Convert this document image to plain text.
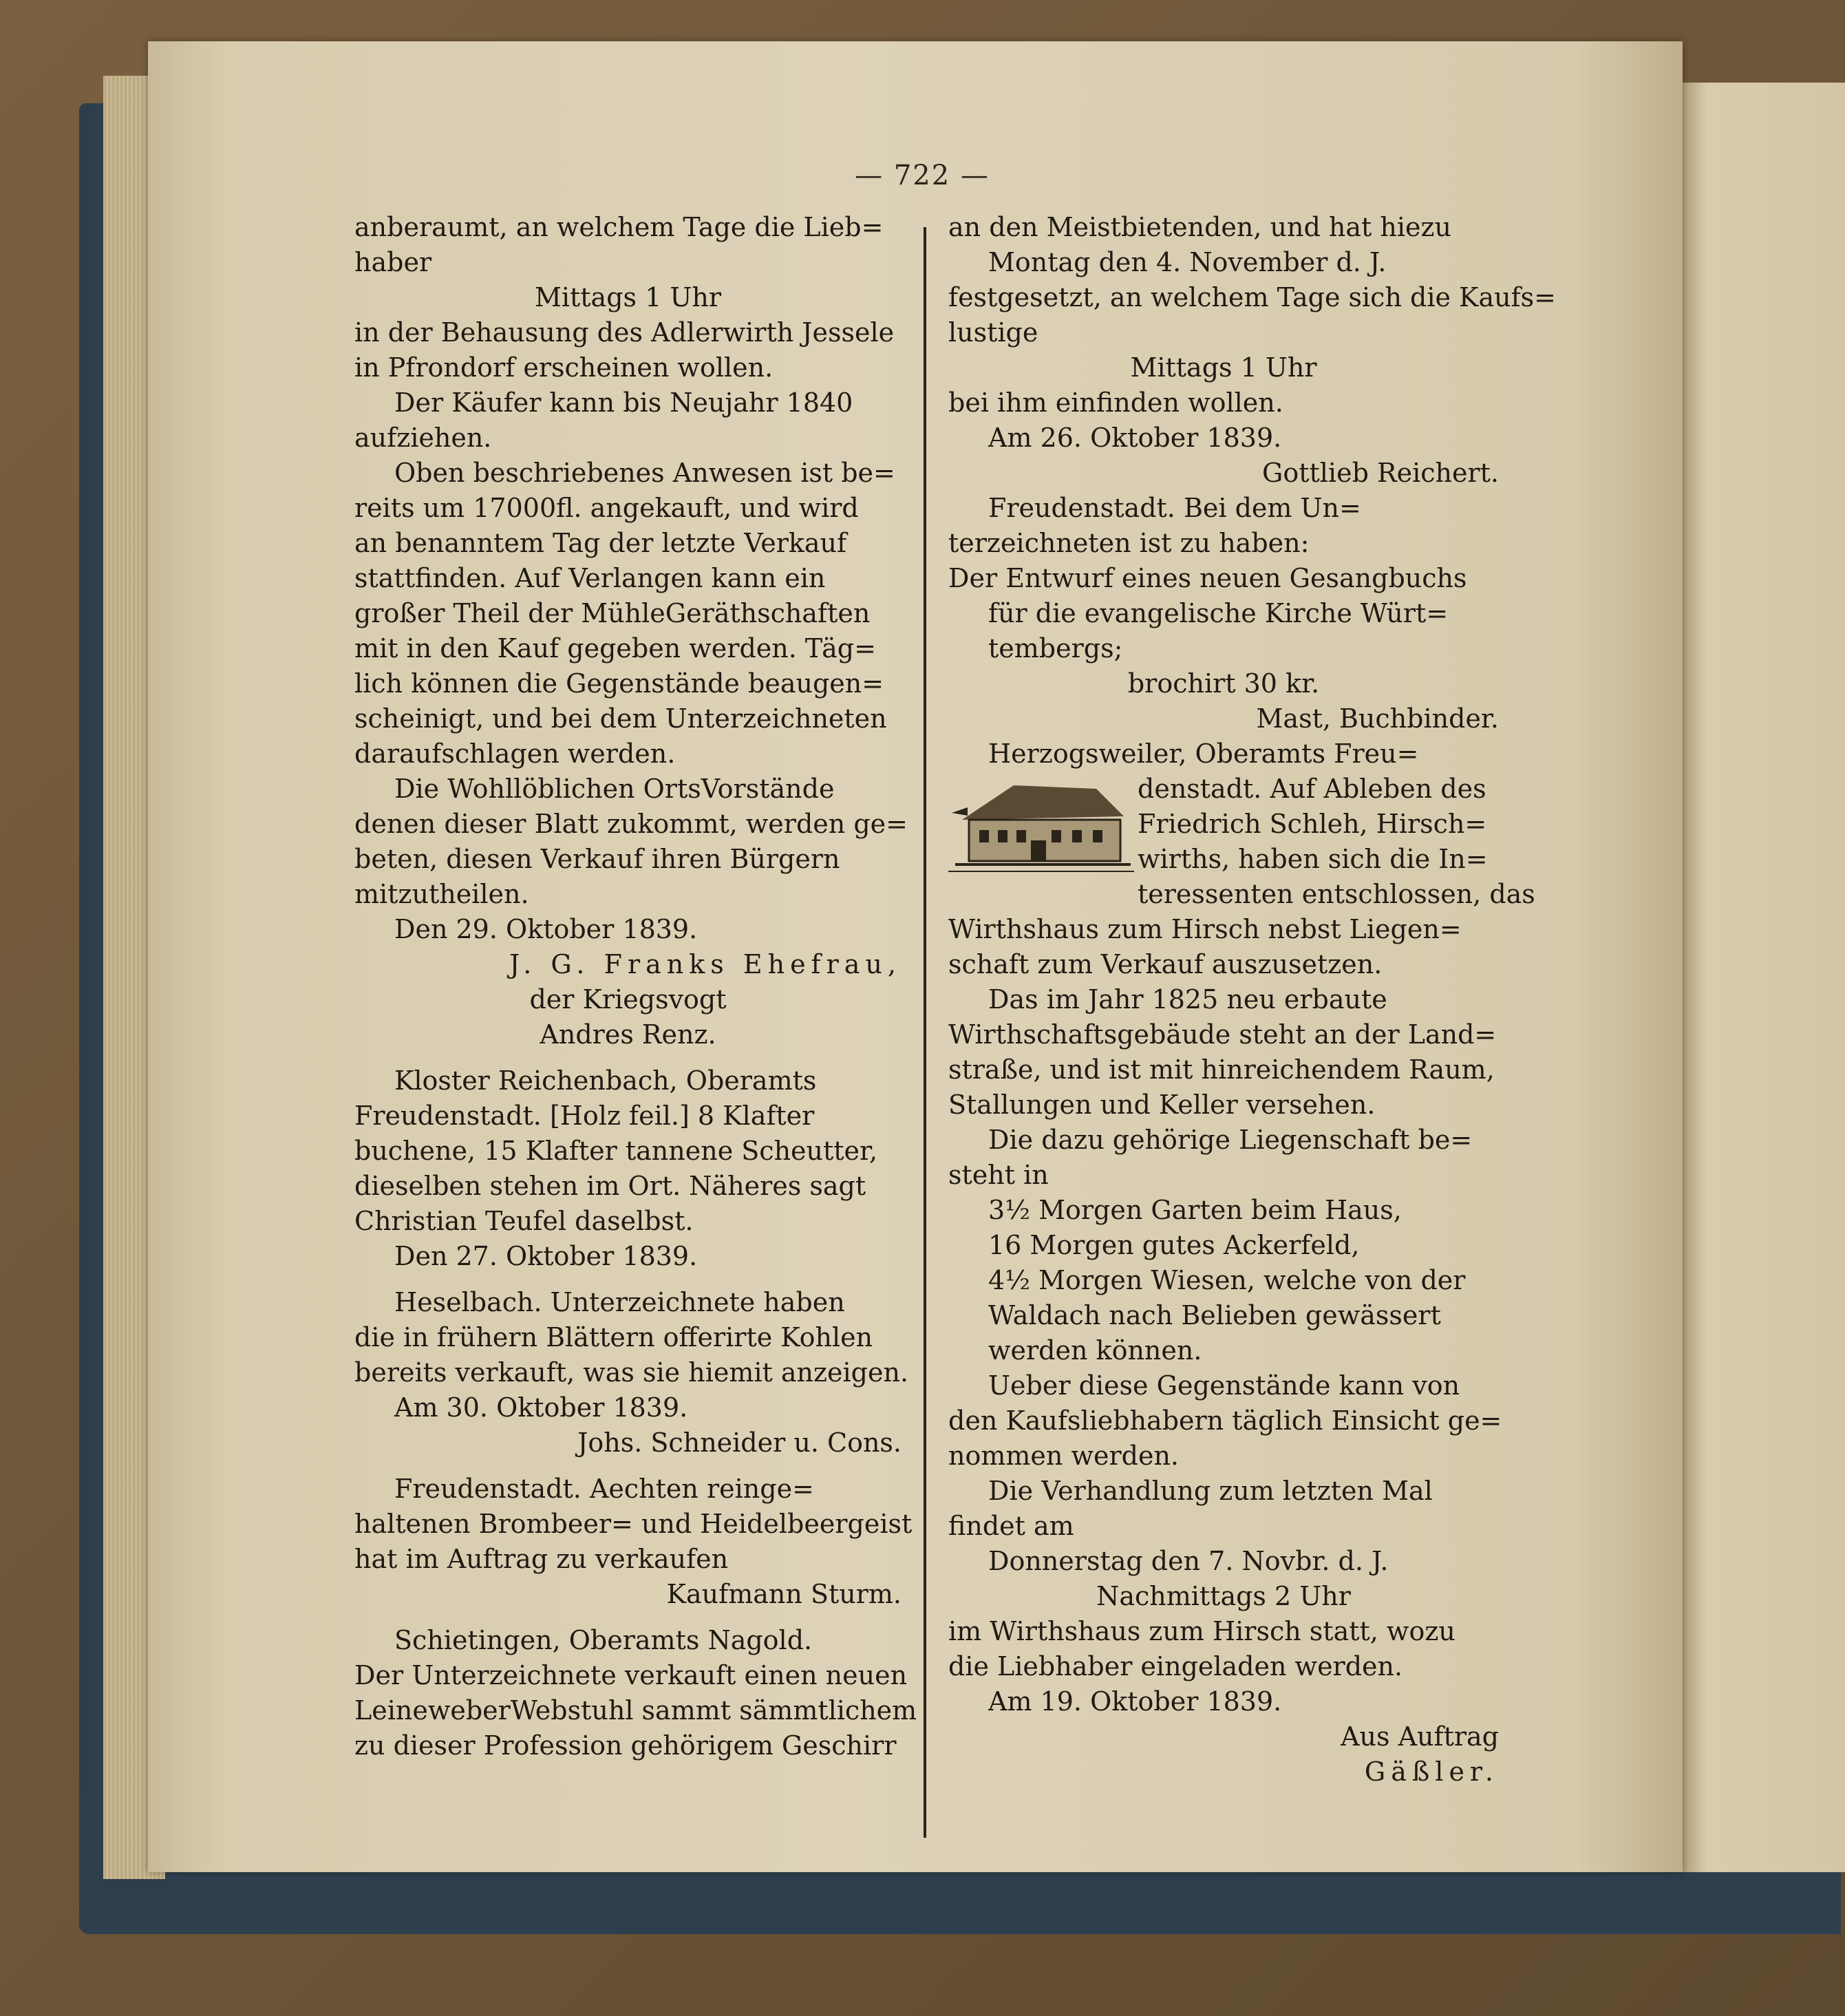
— 722 —
anberaumt, an welchem Tage die Lieb=
haber
Mittags 1 Uhr
in der Behausung des Adlerwirth Jessele
in Pfrondorf erscheinen wollen.
Der Käufer kann bis Neujahr 1840
aufziehen.
Oben beschriebenes Anwesen ist be=
reits um 17000fl. angekauft, und wird
an benanntem Tag der letzte Verkauf
stattfinden. Auf Verlangen kann ein
großer Theil der MühleGeräthschaften
mit in den Kauf gegeben werden. Täg=
lich können die Gegenstände beaugen=
scheinigt, und bei dem Unterzeichneten
daraufschlagen werden.
Die Wohllöblichen OrtsVorstände
denen dieser Blatt zukommt, werden ge=
beten, diesen Verkauf ihren Bürgern
mitzutheilen.
Den 29. Oktober 1839.
J. G. Franks Ehefrau,
der Kriegsvogt
Andres Renz.
Kloster Reichenbach, Oberamts
Freudenstadt. [Holz feil.] 8 Klafter
buchene, 15 Klafter tannene Scheutter,
dieselben stehen im Ort. Näheres sagt
Christian Teufel daselbst.
Den 27. Oktober 1839.
Heselbach. Unterzeichnete haben
die in frühern Blättern offerirte Kohlen
bereits verkauft, was sie hiemit anzeigen.
Am 30. Oktober 1839.
Johs. Schneider u. Cons.
Freudenstadt. Aechten reinge=
haltenen Brombeer= und Heidelbeergeist
hat im Auftrag zu verkaufen
Kaufmann Sturm.
Schietingen, Oberamts Nagold.
Der Unterzeichnete verkauft einen neuen
LeineweberWebstuhl sammt sämmtlichem
zu dieser Profession gehörigem Geschirr
an den Meistbietenden, und hat hiezu
Montag den 4. November d. J.
festgesetzt, an welchem Tage sich die Kaufs=
lustige
Mittags 1 Uhr
bei ihm einfinden wollen.
Am 26. Oktober 1839.
Gottlieb Reichert.
Freudenstadt. Bei dem Un=
terzeichneten ist zu haben:
Der Entwurf eines neuen Gesangbuchs
für die evangelische Kirche Würt=
tembergs;
brochirt 30 kr.
Mast, Buchbinder.
Herzogsweiler, Oberamts Freu=
denstadt. Auf Ableben des
Friedrich Schleh, Hirsch=
wirths, haben sich die In=
teressenten entschlossen, das
Wirthshaus zum Hirsch nebst Liegen=
schaft zum Verkauf auszusetzen.
Das im Jahr 1825 neu erbaute
Wirthschaftsgebäude steht an der Land=
straße, und ist mit hinreichendem Raum,
Stallungen und Keller versehen.
Die dazu gehörige Liegenschaft be=
steht in
3½ Morgen Garten beim Haus,
16 Morgen gutes Ackerfeld,
4½ Morgen Wiesen, welche von der
Waldach nach Belieben gewässert
werden können.
Ueber diese Gegenstände kann von
den Kaufsliebhabern täglich Einsicht ge=
nommen werden.
Die Verhandlung zum letzten Mal
findet am
Donnerstag den 7. Novbr. d. J.
Nachmittags 2 Uhr
im Wirthshaus zum Hirsch statt, wozu
die Liebhaber eingeladen werden.
Am 19. Oktober 1839.
Aus Auftrag
Gäßler.
